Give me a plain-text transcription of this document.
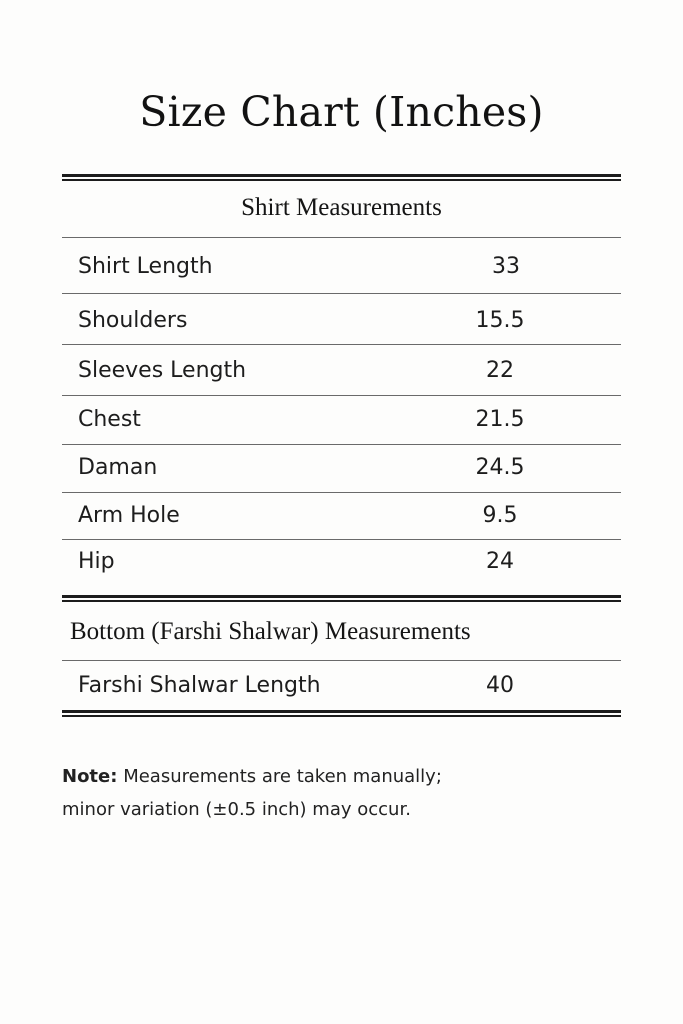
Size Chart (Inches)
Shirt Measurements
Shirt Length	33
Shoulders	15.5
Sleeves Length	22
Chest	21.5
Daman	24.5
Arm Hole	9.5
Hip	24
Bottom (Farshi Shalwar) Measurements
Farshi Shalwar Length	40
Note: Measurements are taken manually;
minor variation (±0.5 inch) may occur.
